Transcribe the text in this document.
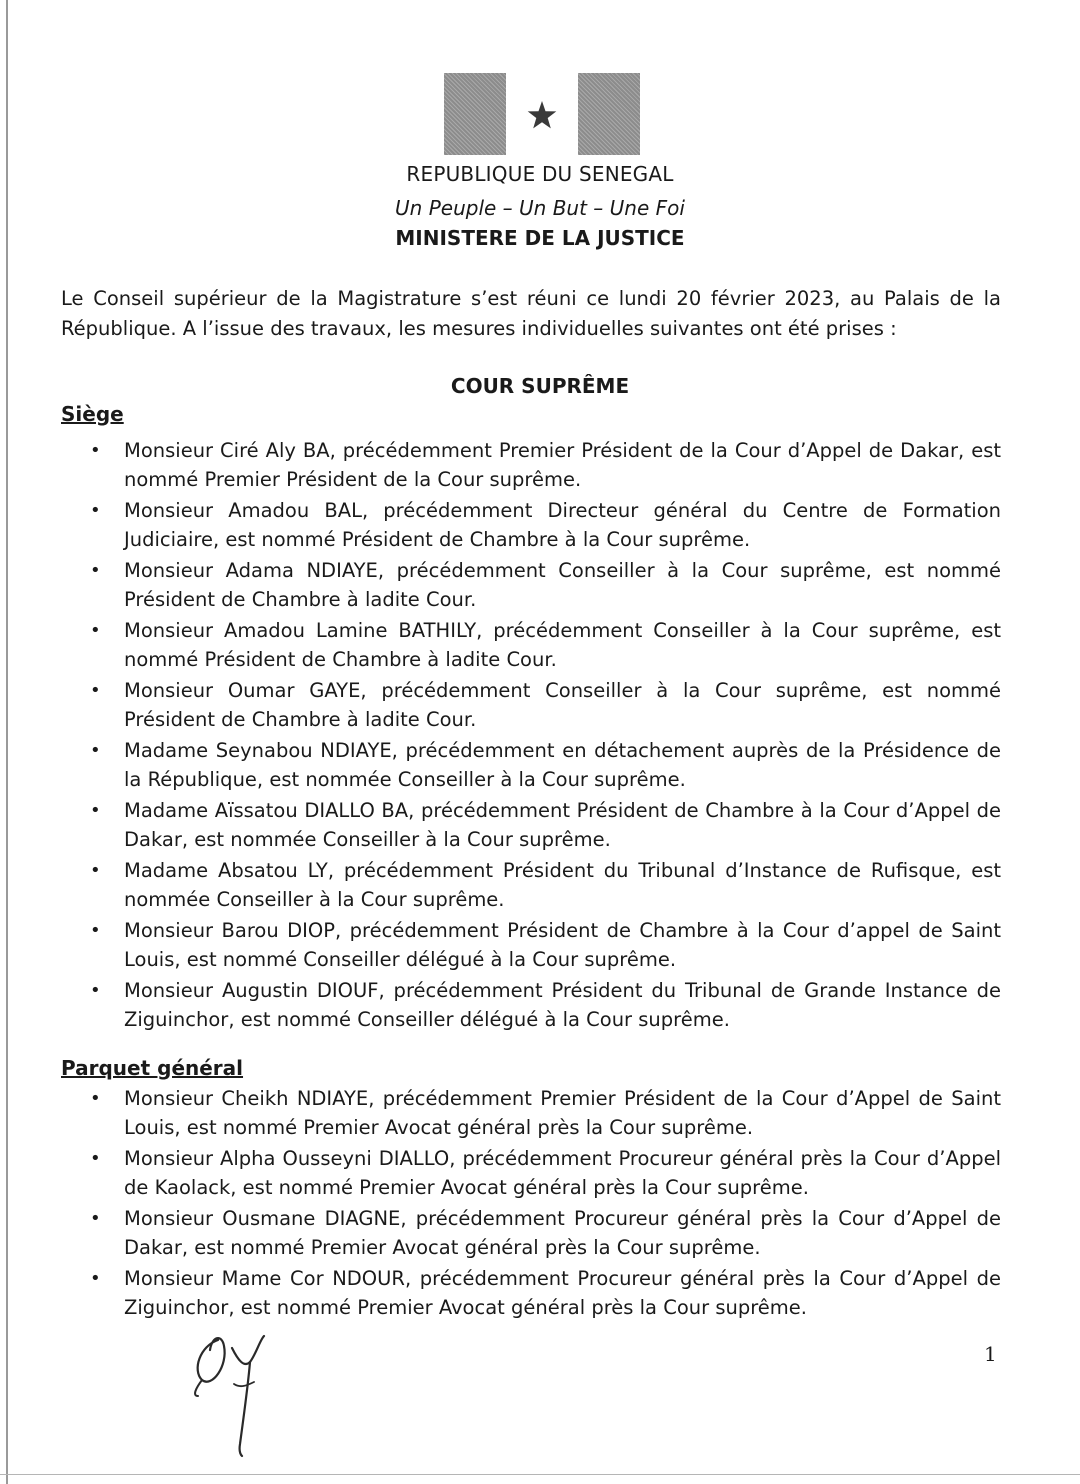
REPUBLIQUE DU SENEGAL

Un Peuple – Un But – Une Foi

MINISTERE DE LA JUSTICE

Le Conseil supérieur de la Magistrature s’est réuni ce lundi 20 février 2023, au Palais de la République. A l’issue des travaux, les mesures individuelles suivantes ont été prises :

COUR SUPRÊME
Siège
• Monsieur Ciré Aly BA, précédemment Premier Président de la Cour d’Appel de Dakar, est nommé Premier Président de la Cour suprême.
• Monsieur Amadou BAL, précédemment Directeur général du Centre de Formation Judiciaire, est nommé Président de Chambre à la Cour suprême.
• Monsieur Adama NDIAYE, précédemment Conseiller à la Cour suprême, est nommé Président de Chambre à ladite Cour.
• Monsieur Amadou Lamine BATHILY, précédemment Conseiller à la Cour suprême, est nommé Président de Chambre à ladite Cour.
• Monsieur Oumar GAYE, précédemment Conseiller à la Cour suprême, est nommé Président de Chambre à ladite Cour.
• Madame Seynabou NDIAYE, précédemment en détachement auprès de la Présidence de la République, est nommée Conseiller à la Cour suprême.
• Madame Aïssatou DIALLO BA, précédemment Président de Chambre à la Cour d’Appel de Dakar, est nommée Conseiller à la Cour suprême.
• Madame Absatou LY, précédemment Président du Tribunal d’Instance de Rufisque, est nommée Conseiller à la Cour suprême.
• Monsieur Barou DIOP, précédemment Président de Chambre à la Cour d’appel de Saint Louis, est nommé Conseiller délégué à la Cour suprême.
• Monsieur Augustin DIOUF, précédemment Président du Tribunal de Grande Instance de Ziguinchor, est nommé Conseiller délégué à la Cour suprême.
Parquet général
• Monsieur Cheikh NDIAYE, précédemment Premier Président de la Cour d’Appel de Saint Louis, est nommé Premier Avocat général près la Cour suprême.
• Monsieur Alpha Ousseyni DIALLO, précédemment Procureur général près la Cour d’Appel de Kaolack, est nommé Premier Avocat général près la Cour suprême.
• Monsieur Ousmane DIAGNE, précédemment Procureur général près la Cour d’Appel de Dakar, est nommé Premier Avocat général près la Cour suprême.
• Monsieur Mame Cor NDOUR, précédemment Procureur général près la Cour d’Appel de Ziguinchor, est nommé Premier Avocat général près la Cour suprême.

1
